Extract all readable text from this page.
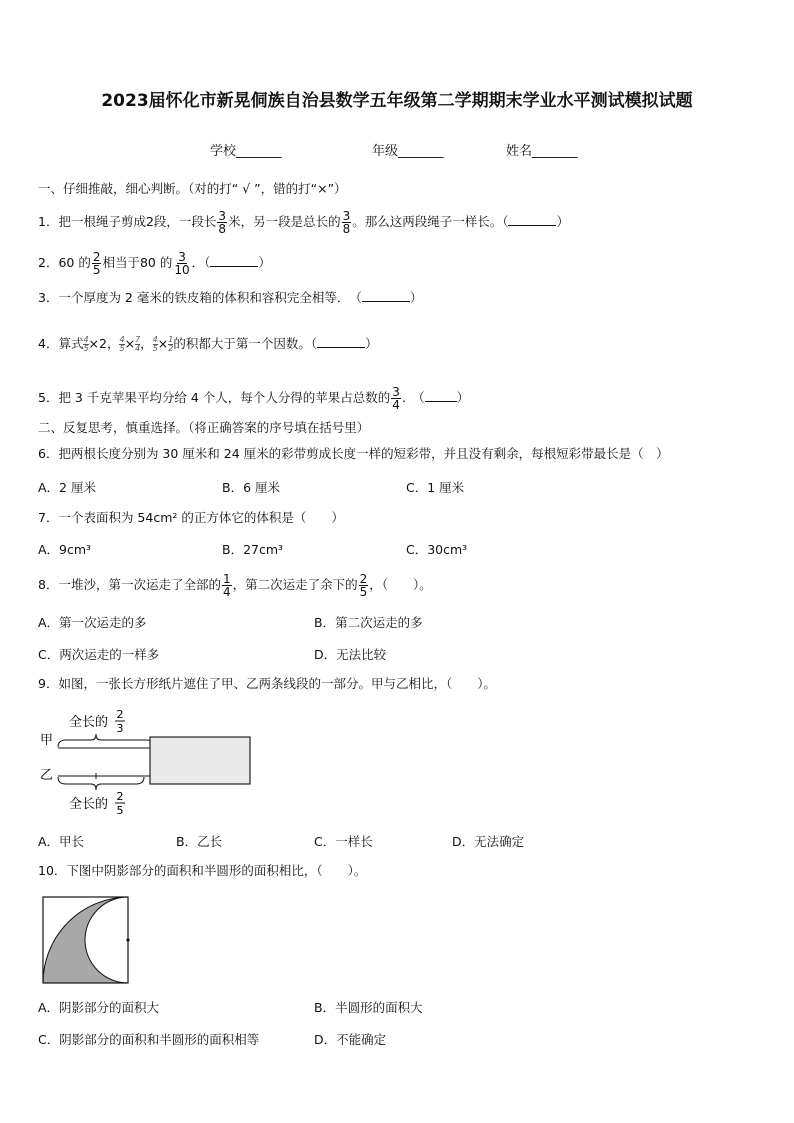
2023届怀化市新晃侗族自治县数学五年级第二学期期末学业水平测试模拟试题
学校_______	年级_______	姓名_______
一、仔细推敲，细心判断。（对的打“ √ ”，错的打“×”）
1．把一根绳子剪成2段，一段长 $\frac{3}{8}$ 米，另一段是总长的 $\frac{3}{8}$ 。那么这两段绳子一样长。（	）
2．60 的 $\frac{2}{5}$ 相当于80 的 $\frac{3}{10}$ ．（	）
3．一个厚度为 2 毫米的铁皮箱的体积和容积完全相等．　（	）
4．算式 $\frac{4}{5} \times 2$， $\frac{4}{5} \times \frac{7}{4}$ ， $\frac{4}{5} \times \frac{1}{2}$ 的积都大于第一个因数。（	）
5．把 3 千克苹果平均分给 4 个人，每个人分得的苹果占总数的 $\frac{3}{4}$ .　（	）
二、反复思考，慎重选择。（将正确答案的序号填在括号里）
6．把两根长度分别为 30 厘米和 24 厘米的彩带剪成长度一样的短彩带，并且没有剩余，每根短彩带最长是（　）
A．2 厘米	B．6 厘米	C．1 厘米
7．一个表面积为 54cm² 的正方体它的体积是（　　）
A．9cm³	B．27cm³	C．30cm³
8．一堆沙，第一次运走了全部的 $\frac{1}{4}$ ，第二次运走了余下的 $\frac{2}{5}$ ，（　　）。
A．第一次运走的多	B．第二次运走的多
C．两次运走的一样多	D．无法比较
9．如图，一张长方形纸片遮住了甲、乙两条线段的一部分。甲与乙相比，（　　）。
全长的
2
3
甲
乙
全长的
2
5
A．甲长	B．乙长	C．一样长	D．无法确定
10．下图中阴影部分的面积和半圆形的面积相比，（　　）。
A．阴影部分的面积大	B．半圆形的面积大
C．阴影部分的面积和半圆形的面积相等	D．不能确定
